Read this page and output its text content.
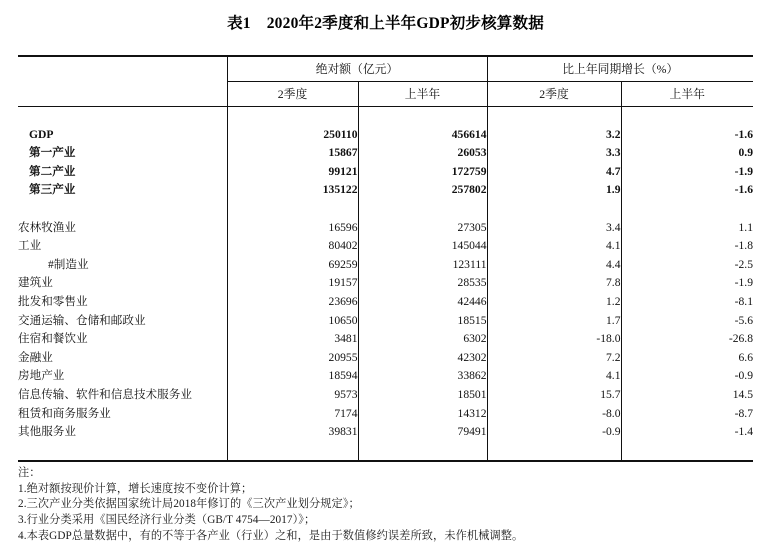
表1 2020年2季度和上半年GDP初步核算数据
	绝对额（亿元）		比上年同期增长（%）	
	2季度	上半年	2季度	上半年

GDP	250110	456614	3.2	-1.6
第一产业	15867	26053	3.3	0.9
第二产业	99121	172759	4.7	-1.9
第三产业	135122	257802	1.9	-1.6

农林牧渔业	16596	27305	3.4	1.1
工业	80402	145044	4.1	-1.8
#制造业	69259	123111	4.4	-2.5
建筑业	19157	28535	7.8	-1.9
批发和零售业	23696	42446	1.2	-8.1
交通运输、仓储和邮政业	10650	18515	1.7	-5.6
住宿和餐饮业	3481	6302	-18.0	-26.8
金融业	20955	42302	7.2	6.6
房地产业	18594	33862	4.1	-0.9
信息传输、软件和信息技术服务业	9573	18501	15.7	14.5
租赁和商务服务业	7174	14312	-8.0	-8.7
其他服务业	39831	79491	-0.9	-1.4

注：
1.绝对额按现价计算，增长速度按不变价计算；
2.三次产业分类依据国家统计局2018年修订的《三次产业划分规定》；
3.行业分类采用《国民经济行业分类（GB/T 4754—2017）》；
4.本表GDP总量数据中，有的不等于各产业（行业）之和，是由于数值修约误差所致，未作机械调整。
